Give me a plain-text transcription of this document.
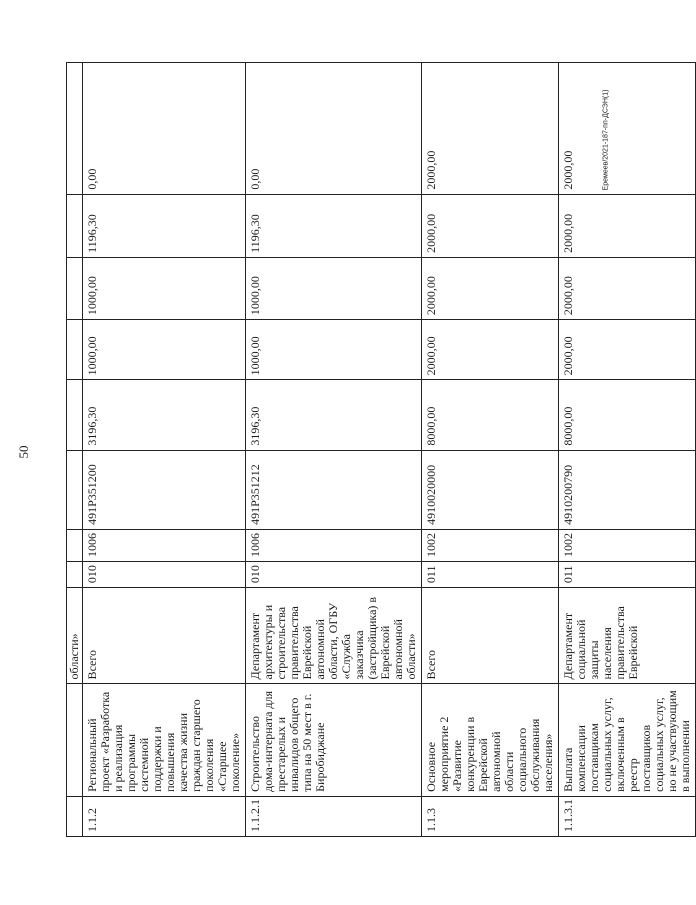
50
Еремеев/2021-187-пп-ДСЭН(1)
		области»								
1.1.2	Региональный проект «Разработка и реализация программы системной поддержки и повышения качества жизни граждан старшего поколения «Старшее поколение»	Всего	010	1006	491P351200	3196,30	1000,00	1000,00	1196,30	0,00
1.1.2.1	Строительство дома-интерната для престарелых и инвалидов общего типа на 50 мест в г. Биробиджане	Департамент архитектуры и строительства правительства Еврейской автономной области, ОГБУ «Служба заказчика (застройщика) в Еврейской автономной области»	010	1006	491P351212	3196,30	1000,00	1000,00	1196,30	0,00
1.1.3	Основное мероприятие 2 «Развитие конкуренции в Еврейской автономной области социального обслуживания населения»	Всего	011	1002	4910020000	8000,00	2000,00	2000,00	2000,00	2000,00
1.1.3.1	Выплата компенсации поставщикам социальных услуг, включенным в реестр поставщиков социальных услуг, но не участвующим в выполнении	Департамент социальной защиты населения правительства Еврейской	011	1002	4910200790	8000,00	2000,00	2000,00	2000,00	2000,00
